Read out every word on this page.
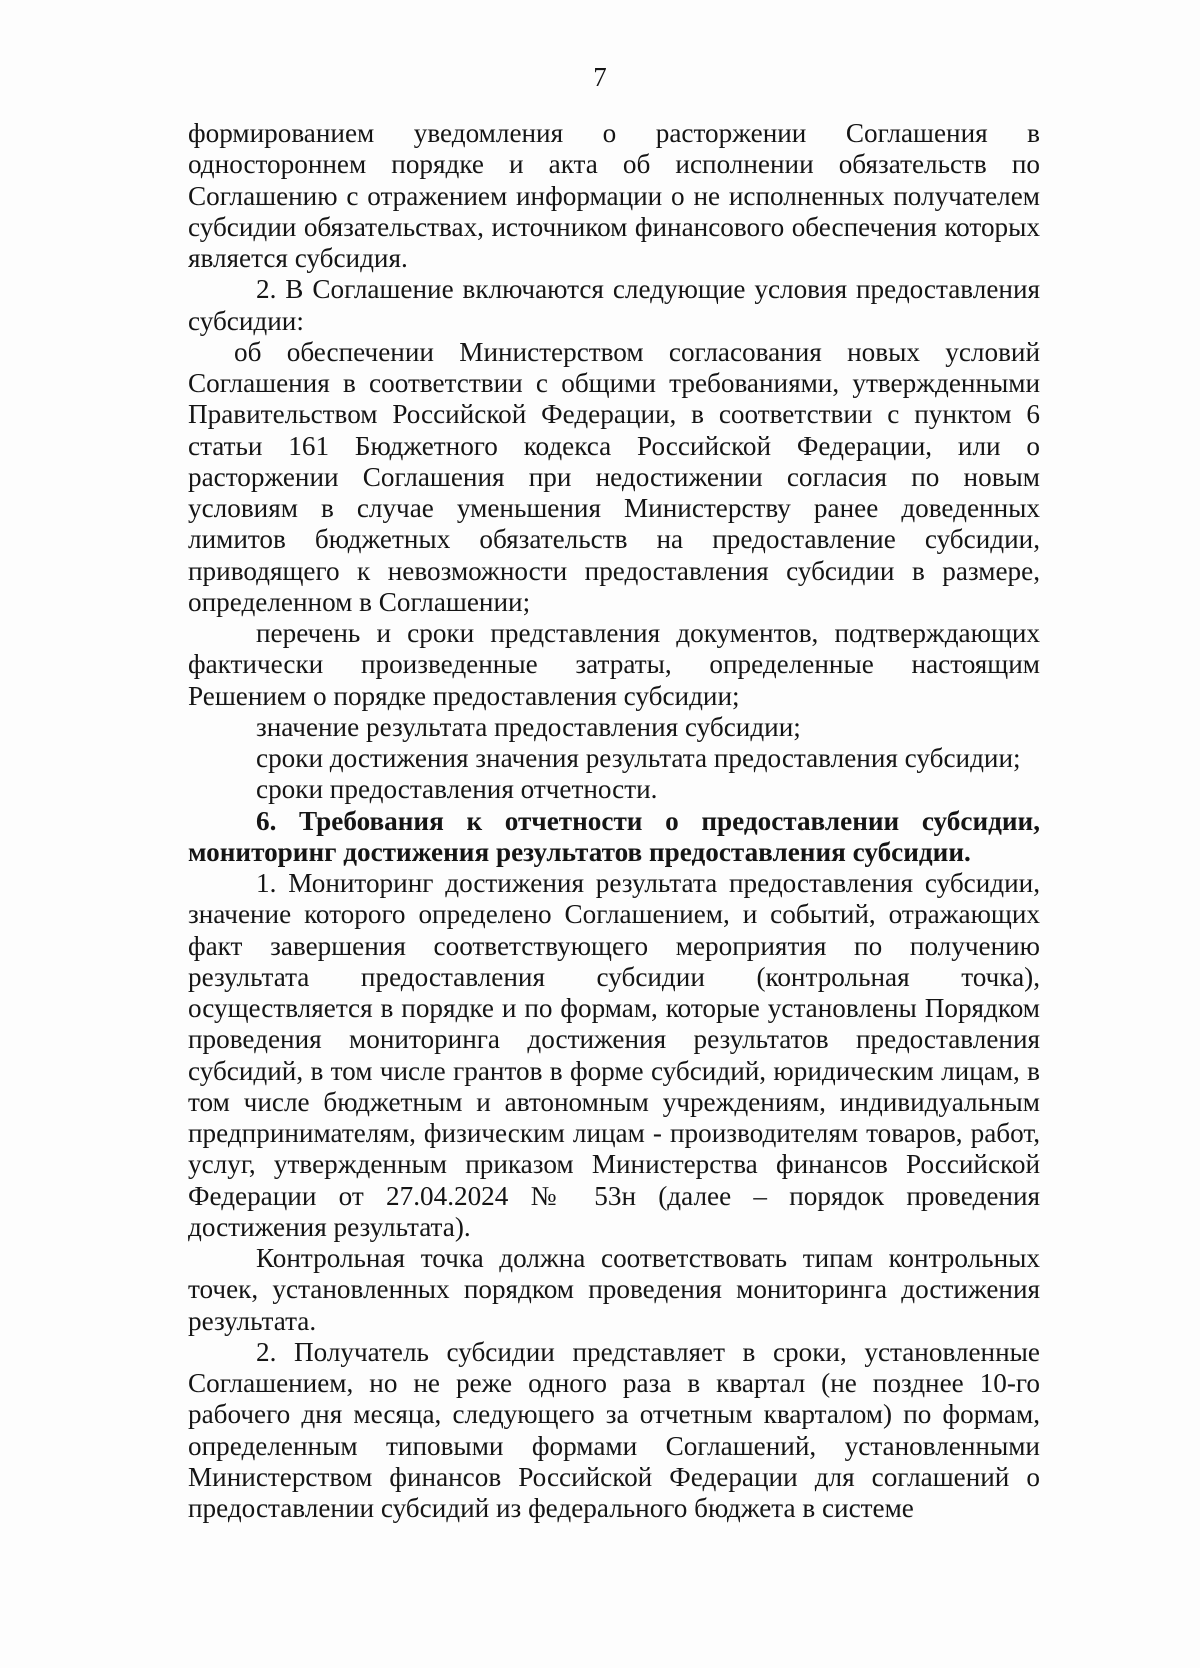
7

формированием уведомления о расторжении Соглашения в одностороннем порядке и акта об исполнении обязательств по Соглашению с отражением информации о не исполненных получателем субсидии обязательствах, источником финансового обеспечения которых является субсидия.

2. В Соглашение включаются следующие условия предоставления субсидии:

об обеспечении Министерством согласования новых условий Соглашения в соответствии с общими требованиями, утвержденными Правительством Российской Федерации, в соответствии с пунктом 6 статьи 161 Бюджетного кодекса Российской Федерации, или о расторжении Соглашения при недостижении согласия по новым условиям в случае уменьшения Министерству ранее доведенных лимитов бюджетных обязательств на предоставление субсидии, приводящего к невозможности предоставления субсидии в размере, определенном в Соглашении;

перечень и сроки представления документов, подтверждающих фактически произведенные затраты, определенные настоящим Решением о порядке предоставления субсидии;

значение результата предоставления субсидии;

сроки достижения значения результата предоставления субсидии;

сроки предоставления отчетности.

6. Требования к отчетности о предоставлении субсидии, мониторинг достижения результатов предоставления субсидии.

1. Мониторинг достижения результата предоставления субсидии, значение которого определено Соглашением, и событий, отражающих факт завершения соответствующего мероприятия по получению результата предоставления субсидии (контрольная точка), осуществляется в порядке и по формам, которые установлены Порядком проведения мониторинга достижения результатов предоставления субсидий, в том числе грантов в форме субсидий, юридическим лицам, в том числе бюджетным и автономным учреждениям, индивидуальным предпринимателям, физическим лицам - производителям товаров, работ, услуг, утвержденным приказом Министерства финансов Российской Федерации от 27.04.2024 № 53н (далее – порядок проведения достижения результата).

Контрольная точка должна соответствовать типам контрольных точек, установленных порядком проведения мониторинга достижения результата.

2. Получатель субсидии представляет в сроки, установленные Соглашением, но не реже одного раза в квартал (не позднее 10-го рабочего дня месяца, следующего за отчетным кварталом) по формам, определенным типовыми формами Соглашений, установленными Министерством финансов Российской Федерации для соглашений о предоставлении субсидий из федерального бюджета в системе
